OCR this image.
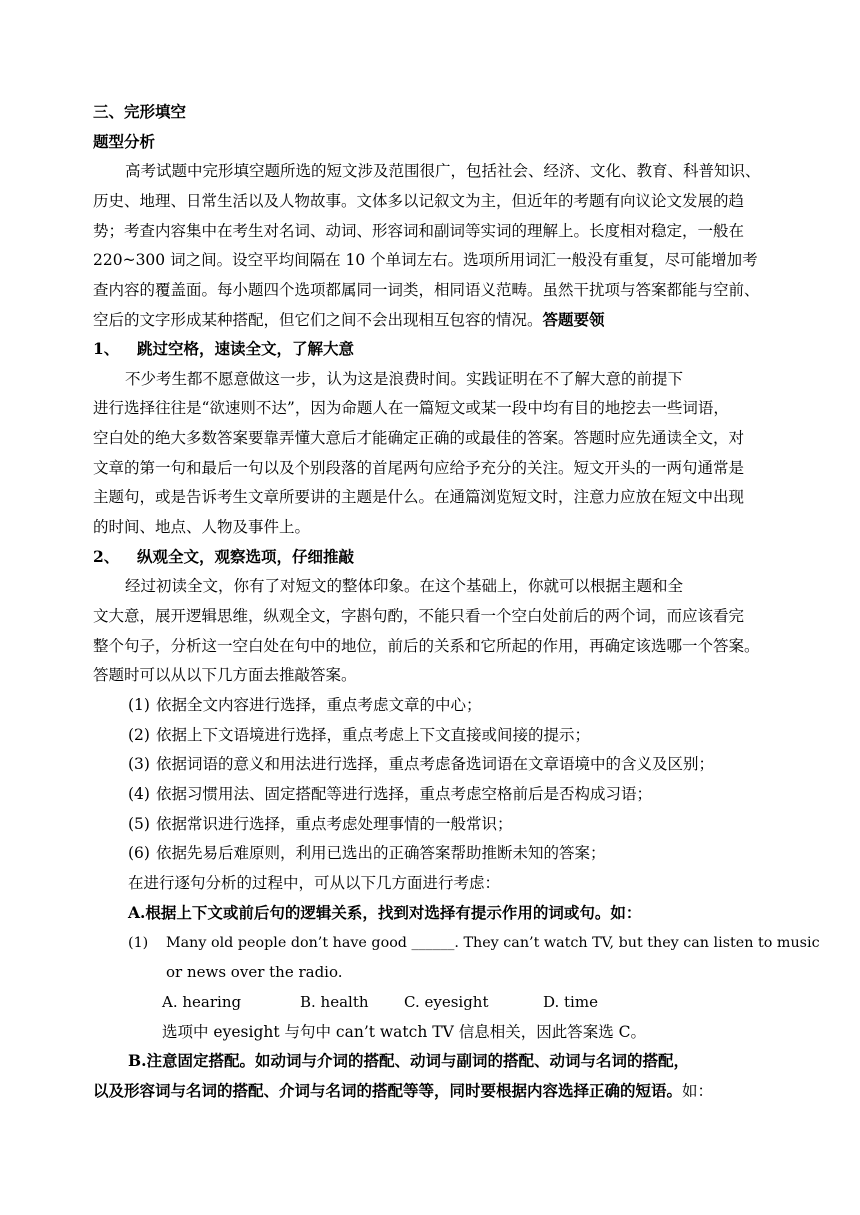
三、完形填空
题型分析
高考试题中完形填空题所选的短文涉及范围很广，包括社会、经济、文化、教育、科普知识、
历史、地理、日常生活以及人物故事。文体多以记叙文为主，但近年的考题有向议论文发展的趋
势；考查内容集中在考生对名词、动词、形容词和副词等实词的理解上。长度相对稳定，一般在
220~300 词之间。设空平均间隔在 10 个单词左右。选项所用词汇一般没有重复，尽可能增加考
查内容的覆盖面。每小题四个选项都属同一词类，相同语义范畴。虽然干扰项与答案都能与空前、
空后的文字形成某种搭配，但它们之间不会出现相互包容的情况。答题要领
1、 跳过空格，速读全文，了解大意
不少考生都不愿意做这一步，认为这是浪费时间。实践证明在不了解大意的前提下
进行选择往往是“欲速则不达”，因为命题人在一篇短文或某一段中均有目的地挖去一些词语，
空白处的绝大多数答案要靠弄懂大意后才能确定正确的或最佳的答案。答题时应先通读全文，对
文章的第一句和最后一句以及个别段落的首尾两句应给予充分的关注。短文开头的一两句通常是
主题句，或是告诉考生文章所要讲的主题是什么。在通篇浏览短文时，注意力应放在短文中出现
的时间、地点、人物及事件上。
2、 纵观全文，观察选项，仔细推敲
经过初读全文，你有了对短文的整体印象。在这个基础上，你就可以根据主题和全
文大意，展开逻辑思维，纵观全文，字斟句酌，不能只看一个空白处前后的两个词，而应该看完
整个句子，分析这一空白处在句中的地位，前后的关系和它所起的作用，再确定该选哪一个答案。
答题时可以从以下几方面去推敲答案。
(1) 依据全文内容进行选择，重点考虑文章的中心；
(2) 依据上下文语境进行选择，重点考虑上下文直接或间接的提示；
(3) 依据词语的意义和用法进行选择，重点考虑备选词语在文章语境中的含义及区别；
(4) 依据习惯用法、固定搭配等进行选择，重点考虑空格前后是否构成习语；
(5) 依据常识进行选择，重点考虑处理事情的一般常识；
(6) 依据先易后难原则，利用已选出的正确答案帮助推断未知的答案；
在进行逐句分析的过程中，可从以下几方面进行考虑：
A.根据上下文或前后句的逻辑关系，找到对选择有提示作用的词或句。如：
(1) Many old people don’t have good ______. They can’t watch TV, but they can listen to music
or news over the radio.
A. hearing	B. health C. eyesight	D. time
选项中 eyesight 与句中 can’t watch TV 信息相关，因此答案选 C。
B.注意固定搭配。如动词与介词的搭配、动词与副词的搭配、动词与名词的搭配，
以及形容词与名词的搭配、介词与名词的搭配等等，同时要根据内容选择正确的短语。如：
